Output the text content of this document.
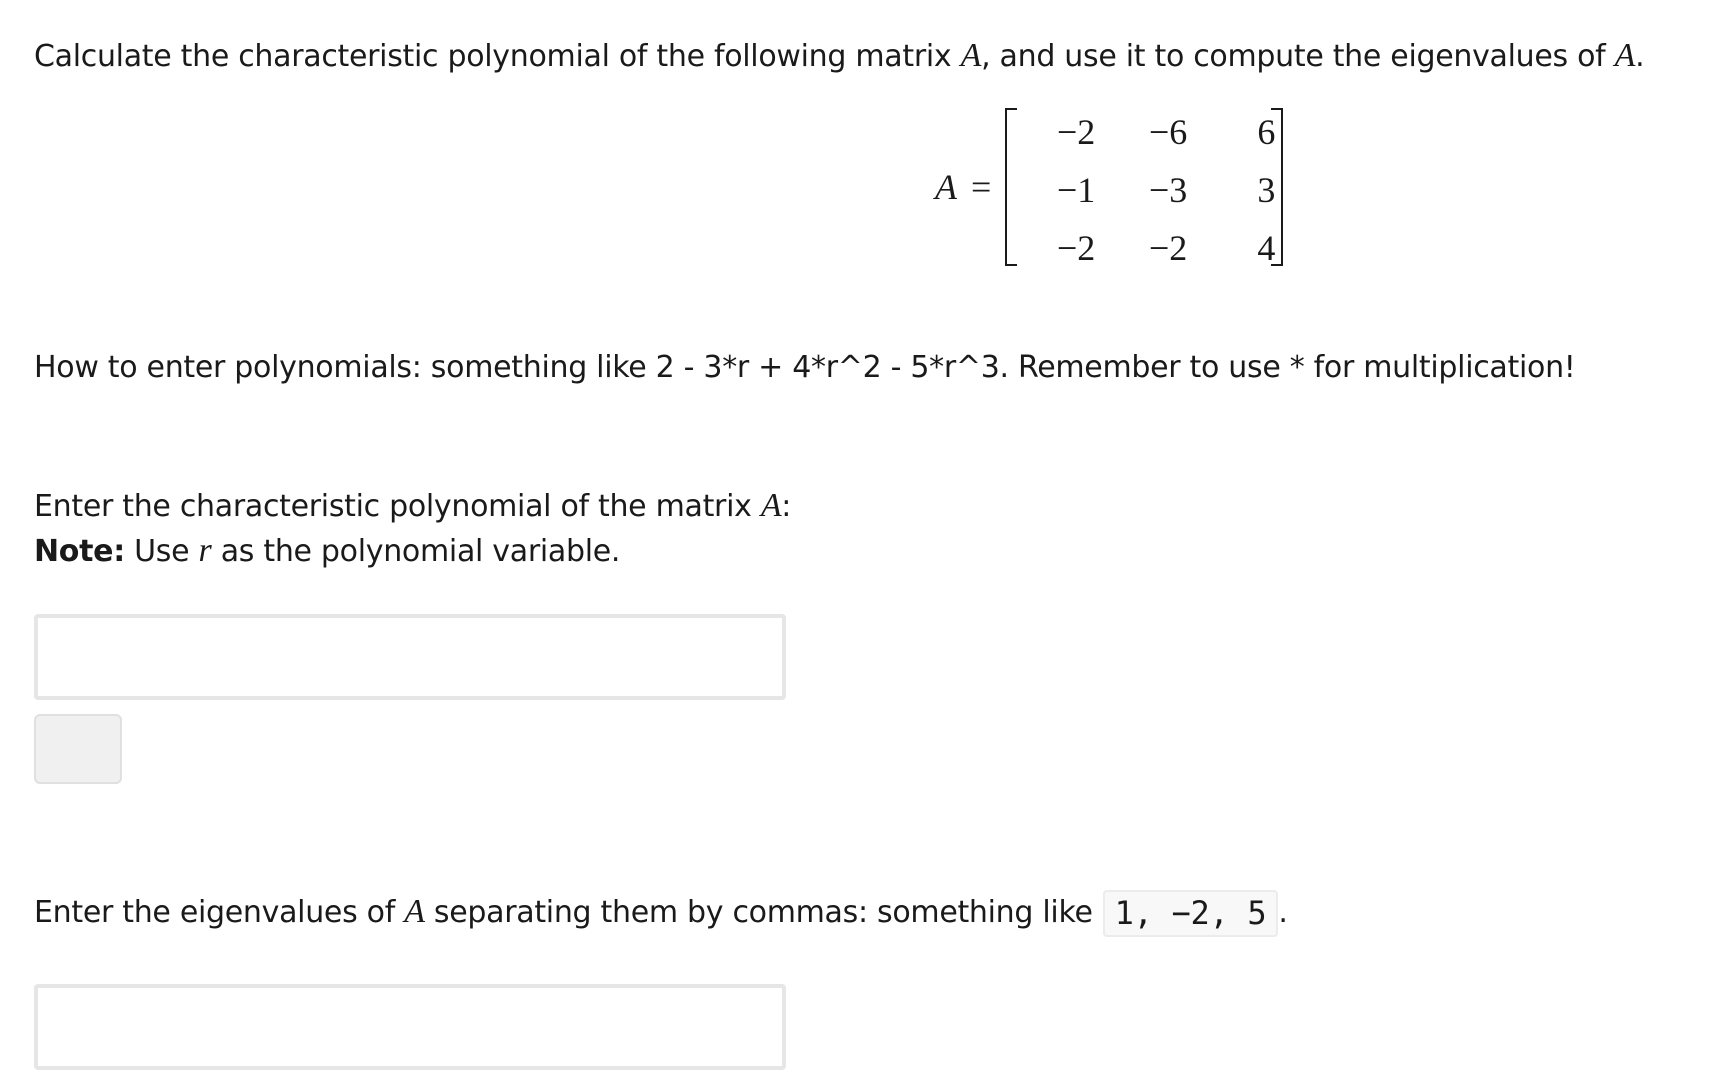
Calculate the characteristic polynomial of the following matrix A, and use it to compute the eigenvalues of A.
A =
−2	−6	6
−1	−3	3
−2	−2	4
How to enter polynomials: something like 2 - 3*r + 4*r^2 - 5*r^3. Remember to use * for multiplication!
Enter the characteristic polynomial of the matrix A:
Note: Use r as the polynomial variable.
Enter the eigenvalues of A separating them by commas: something like 1, −2, 5 .
